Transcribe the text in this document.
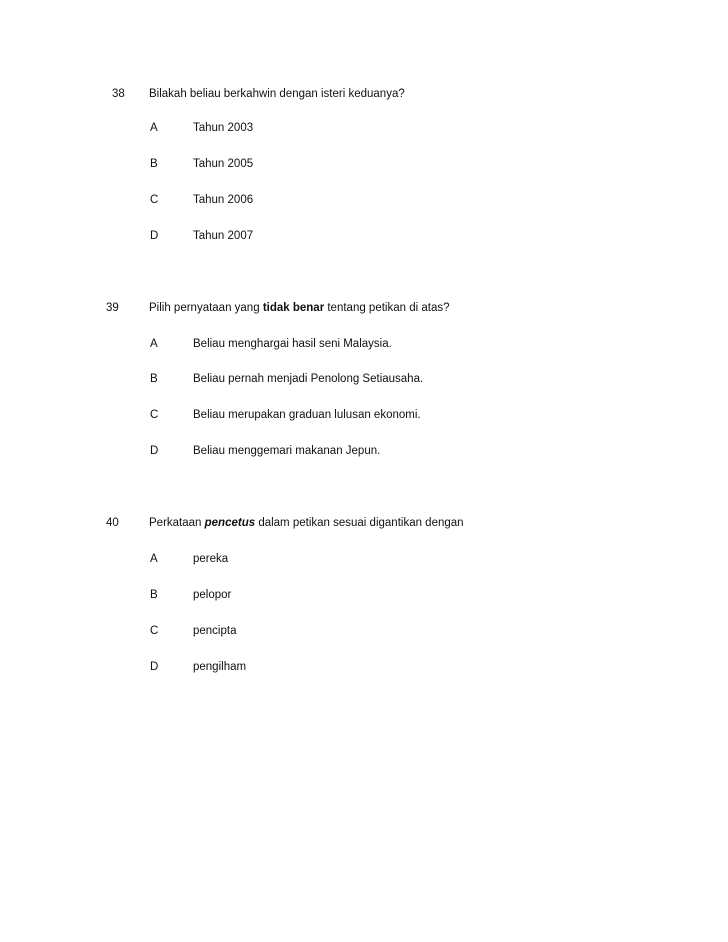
38 Bilakah beliau berkahwin dengan isteri keduanya?
A	Tahun 2003
B	Tahun 2005
C	Tahun 2006
D	Tahun 2007
39	Pilih pernyataan yang tidak benar tentang petikan di atas?
A	Beliau menghargai hasil seni Malaysia.
B	Beliau pernah menjadi Penolong Setiausaha.
C	Beliau merupakan graduan lulusan ekonomi.
D	Beliau menggemari makanan Jepun.
40	Perkataan pencetus dalam petikan sesuai digantikan dengan
A	pereka
B	pelopor
C	pencipta
D	pengilham
